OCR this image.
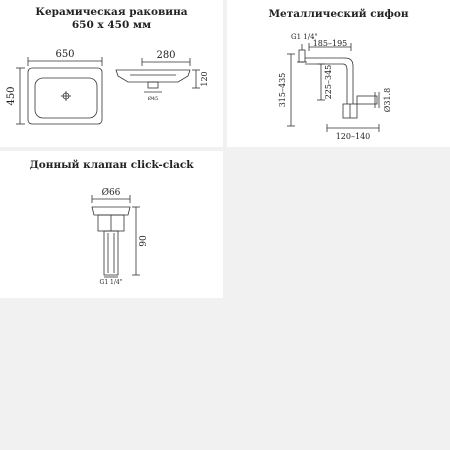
Керамическая раковина
650 x 450 мм
650
450
280
120
Ø45
Металлический сифон
G1 1/4"
185–195
315–435	225–345
Ø31.8
120–140
Донный клапан click-clack
Ø66
90
G1 1/4"
